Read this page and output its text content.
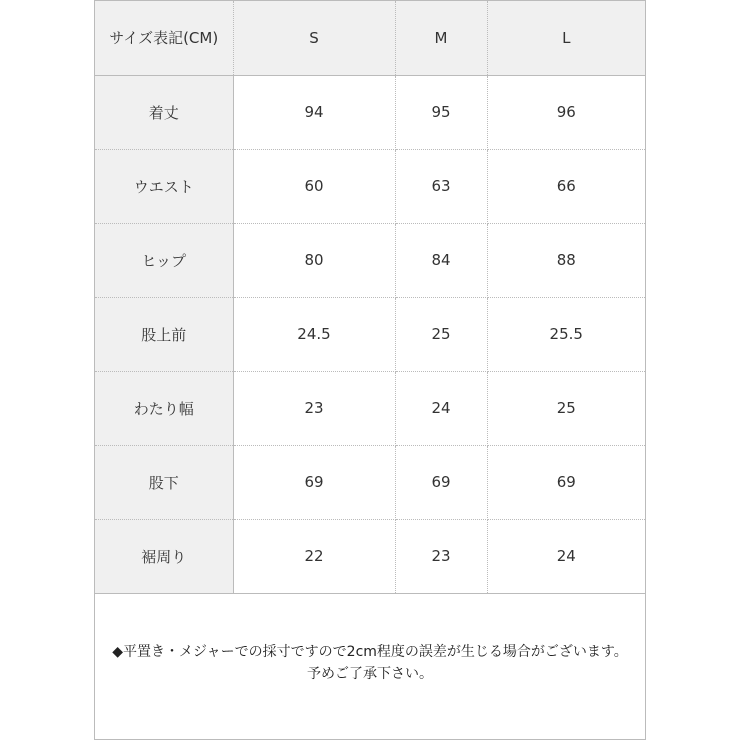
サイズ表記(CM)	S	M	L
着丈	94	95	96
ウエスト	60	63	66
ヒップ	80	84	88
股上前	24.5	25	25.5
わたり幅	23	24	25
股下	69	69	69
裾周り	22	23	24
◆平置き・メジャーでの採寸ですので2cm程度の誤差が生じる場合がございます。
予めご了承下さい。
